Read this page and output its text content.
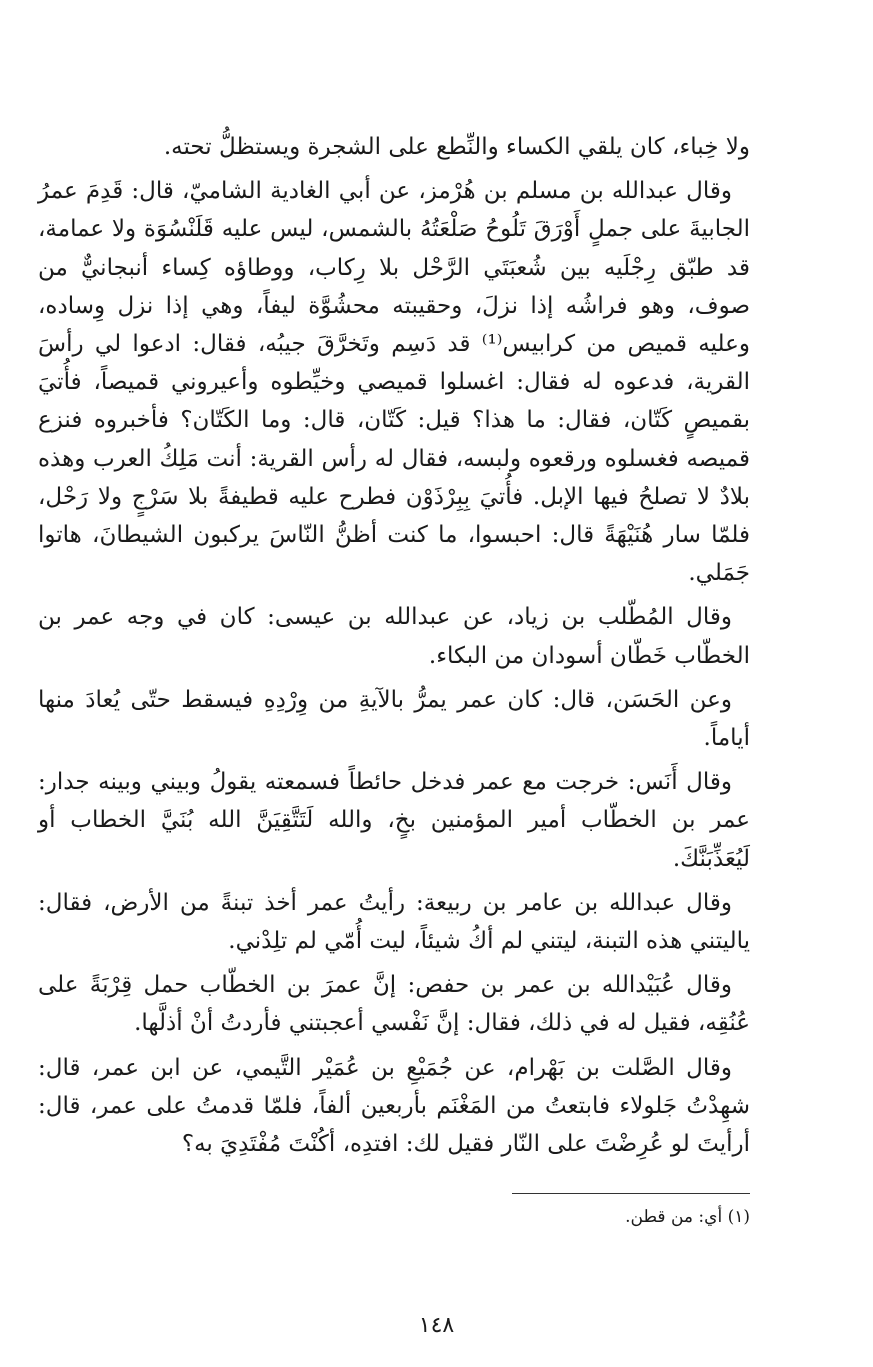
ولا خِباء، كان يلقي الكساء والنِّطع على الشجرة ويستظلُّ تحته.

وقال عبدالله بن مسلم بن هُرْمز، عن أبي الغادية الشاميّ، قال: قَدِمَ عمرُ الجابيةَ على جملٍ أَوْرَقَ تَلُوحُ صَلْعَتُهُ بالشمس، ليس عليه قَلَنْسُوَة ولا عمامة، قد طبّق رِجْلَيه بين شُعبَتَي الرَّحْل بلا رِكاب، ووطاؤه كِساء أنبجانيٌّ من صوف، وهو فراشُه إذا نزلَ، وحقيبته محشُوَّة ليفاً، وهي إذا نزل وِساده، وعليه قميص من كرابيس⁽¹⁾ قد دَسِم وتَخرَّقَ جيبُه، فقال: ادعوا لي رأسَ القرية، فدعوه له فقال: اغسلوا قميصي وخيِّطوه وأعيروني قميصاً، فأُتيَ بقميصٍ كَتّان، فقال: ما هذا؟ قيل: كَتّان، قال: وما الكَتّان؟ فأخبروه فنزع قميصه فغسلوه ورقعوه ولبسه، فقال له رأس القرية: أنت مَلِكُ العرب وهذه بلادٌ لا تصلحُ فيها الإبل. فأُتيَ بِبِرْذَوْن فطرح عليه قطيفةً بلا سَرْجٍ ولا رَحْل، فلمّا سار هُنَيْهَةً قال: احبسوا، ما كنت أظنُّ النّاسَ يركبون الشيطانَ، هاتوا جَمَلي.

وقال المُطّلب بن زياد، عن عبدالله بن عيسى: كان في وجه عمر بن الخطّاب خَطّان أسودان من البكاء.

وعن الحَسَن، قال: كان عمر يمرُّ بالآيةِ من وِرْدِهِ فيسقط حتّى يُعادَ منها أياماً.

وقال أَنَس: خرجت مع عمر فدخل حائطاً فسمعته يقولُ وبيني وبينه جدار: عمر بن الخطّاب أمير المؤمنين بخٍ، والله لَتَتَّقِيَنَّ الله بُنَيَّ الخطاب أو لَيُعَذِّبَنَّكَ.

وقال عبدالله بن عامر بن ربيعة: رأيتُ عمر أخذ تبنةً من الأرض، فقال: ياليتني هذه التبنة، ليتني لم أكُ شيئاً، ليت أُمّي لم تلِدْني.

وقال عُبَيْدالله بن عمر بن حفص: إنَّ عمرَ بن الخطّاب حمل قِرْبَةً على عُنُقِه، فقيل له في ذلك، فقال: إنَّ نَفْسي أعجبتني فأردتُ أنْ أذلَّها.

وقال الصَّلت بن بَهْرام، عن جُمَيْعِ بن عُمَيْر التَّيمي، عن ابن عمر، قال: شهِدْتُ جَلولاء فابتعتُ من المَغْنَم بأربعين ألفاً، فلمّا قدمتُ على عمر، قال: أرأيتَ لو عُرِضْتَ على النّار فقيل لك: افتدِه، أكُنْتَ مُفْتَدِيَ به؟

(١) أي: من قطن.
١٤٨
